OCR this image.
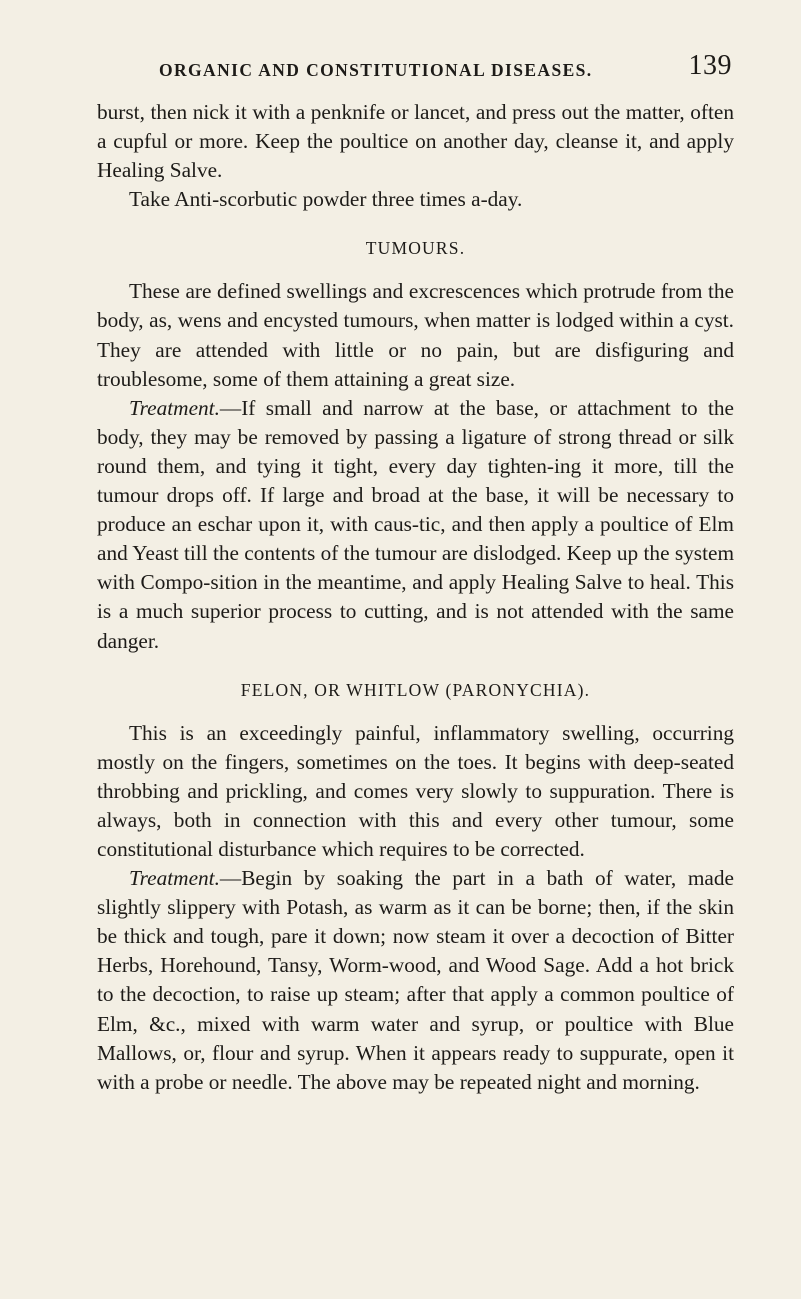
ORGANIC AND CONSTITUTIONAL DISEASES.	139

burst, then nick it with a penknife or lancet, and press out the matter, often a cupful or more. Keep the poultice on another day, cleanse it, and apply Healing Salve.

Take Anti-scorbutic powder three times a-day.

TUMOURS.

These are defined swellings and excrescences which protrude from the body, as, wens and encysted tumours, when matter is lodged within a cyst. They are attended with little or no pain, but are disfiguring and troublesome, some of them attaining a great size.

Treatment.—If small and narrow at the base, or attachment to the body, they may be removed by passing a ligature of strong thread or silk round them, and tying it tight, every day tighten-ing it more, till the tumour drops off. If large and broad at the base, it will be necessary to produce an eschar upon it, with caus-tic, and then apply a poultice of Elm and Yeast till the contents of the tumour are dislodged. Keep up the system with Compo-sition in the meantime, and apply Healing Salve to heal. This is a much superior process to cutting, and is not attended with the same danger.

FELON, OR WHITLOW (PARONYCHIA).

This is an exceedingly painful, inflammatory swelling, occurring mostly on the fingers, sometimes on the toes. It begins with deep-seated throbbing and prickling, and comes very slowly to suppuration. There is always, both in connection with this and every other tumour, some constitutional disturbance which requires to be corrected.

Treatment.—Begin by soaking the part in a bath of water, made slightly slippery with Potash, as warm as it can be borne; then, if the skin be thick and tough, pare it down; now steam it over a decoction of Bitter Herbs, Horehound, Tansy, Worm-wood, and Wood Sage. Add a hot brick to the decoction, to raise up steam; after that apply a common poultice of Elm, &c., mixed with warm water and syrup, or poultice with Blue Mallows, or, flour and syrup. When it appears ready to suppurate, open it with a probe or needle. The above may be repeated night and morning.
